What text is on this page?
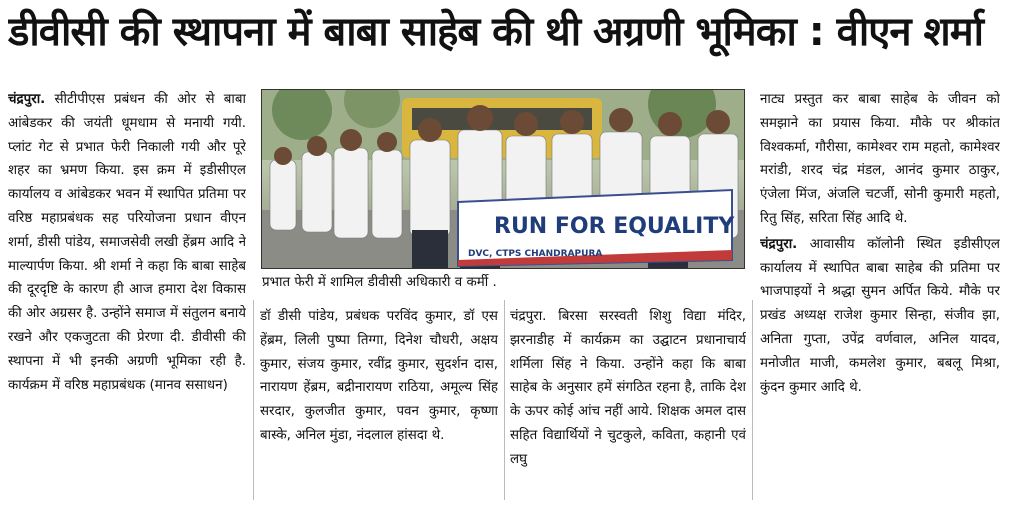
डीवीसी की स्थापना में बाबा साहेब की थी अग्रणी भूमिका : वीएन शर्मा
चंद्रपुरा. सीटीपीएस प्रबंधन की ओर से बाबा आंबेडकर की जयंती धूमधाम से मनायी गयी. प्लांट गेट से प्रभात फेरी निकाली गयी और पूरे शहर का भ्रमण किया. इस क्रम में इडीसीएल कार्यालय व आंबेडकर भवन में स्थापित प्रतिमा पर वरिष्ठ महाप्रबंधक सह परियोजना प्रधान वीएन शर्मा, डीसी पांडेय, समाजसेवी लखी हेंब्रम आदि ने माल्यार्पण किया. श्री शर्मा ने कहा कि बाबा साहेब की दूरदृष्टि के कारण ही आज हमारा देश विकास की ओर अग्रसर है. उन्होंने समाज में संतुलन बनाये रखने और एकजुटता की प्रेरणा दी. डीवीसी की स्थापना में भी इनकी अग्रणी भूमिका रही है. कार्यक्रम में वरिष्ठ महाप्रबंधक (मानव ससाधन)
RUN FOR EQUALITY
DVC, CTPS CHANDRAPURA
प्रभात फेरी में शामिल डीवीसी अधिकारी व कर्मी .
डॉ डीसी पांडेय, प्रबंधक परविंद कुमार, डॉ एस हेंब्रम, लिली पुष्पा तिग्गा, दिनेश चौधरी, अक्षय कुमार, संजय कुमार, रवींद्र कुमार, सुदर्शन दास, नारायण हेंब्रम, बद्रीनारायण राठिया, अमूल्य सिंह सरदार, कुलजीत कुमार, पवन कुमार, कृष्णा बास्के, अनिल मुंडा, नंदलाल हांसदा थे.
चंद्रपुरा. बिरसा सरस्वती शिशु विद्या मंदिर, झरनाडीह में कार्यक्रम का उद्घाटन प्रधानाचार्य शर्मिला सिंह ने किया. उन्होंने कहा कि बाबा साहेब के अनुसार हमें संगठित रहना है, ताकि देश के ऊपर कोई आंच नहीं आये. शिक्षक अमल दास सहित विद्यार्थियों ने चुटकुले, कविता, कहानी एवं लघु
नाट्य प्रस्तुत कर बाबा साहेब के जीवन को समझाने का प्रयास किया. मौके पर श्रीकांत विश्वकर्मा, गौरीसा, कामेश्वर राम महतो, कामेश्वर मरांडी, शरद चंद्र मंडल, आनंद कुमार ठाकुर, एंजेला मिंज, अंजलि चटर्जी, सोनी कुमारी महतो, रितु सिंह, सरिता सिंह आदि थे.
चंद्रपुरा. आवासीय कॉलोनी स्थित इडीसीएल कार्यालय में स्थापित बाबा साहेब की प्रतिमा पर भाजपाइयों ने श्रद्धा सुमन अर्पित किये. मौके पर प्रखंड अध्यक्ष राजेश कुमार सिन्हा, संजीव झा, अनिता गुप्ता, उपेंद्र वर्णवाल, अनिल यादव, मनोजीत माजी, कमलेश कुमार, बबलू मिश्रा, कुंदन कुमार आदि थे.
